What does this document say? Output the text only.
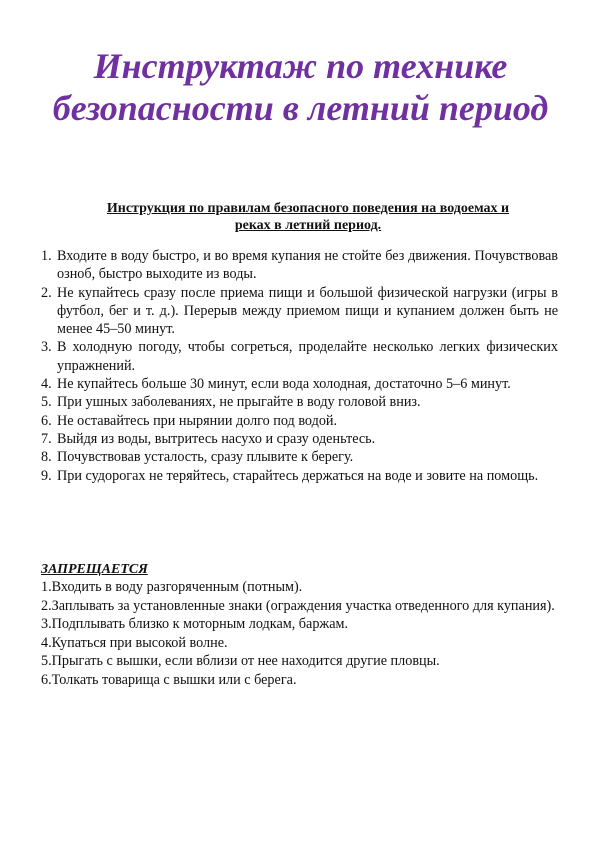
Инструктаж по технике
безопасности в летний период
Инструкция по правилам безопасного поведения на водоемах и
реках в летний период.
1. Входите в воду быстро, и во время купания не стойте без движения. Почувствовав озноб, быстро выходите из воды.
2. Не купайтесь сразу после приема пищи и большой физической нагрузки (игры в футбол, бег и т. д.). Перерыв между приемом пищи и купанием должен быть не менее 45–50 минут.
3. В холодную погоду, чтобы согреться, проделайте несколько легких физических упражнений.
4. Не купайтесь больше 30 минут, если вода холодная, достаточно 5–6 минут.
5. При ушных заболеваниях, не прыгайте в воду головой вниз.
6. Не оставайтесь при нырянии долго под водой.
7. Выйдя из воды, вытритесь насухо и сразу оденьтесь.
8. Почувствовав усталость, сразу плывите к берегу.
9. При судорогах не теряйтесь, старайтесь держаться на воде и зовите на помощь.
ЗАПРЕЩАЕТСЯ
1.Входить в воду разгоряченным (потным).
2.Заплывать за установленные знаки (ограждения участка отведенного для купания).
3.Подплывать близко к моторным лодкам, баржам.
4.Купаться при высокой волне.
5.Прыгать с вышки, если вблизи от нее находится другие пловцы.
6.Толкать товарища с вышки или с берега.
